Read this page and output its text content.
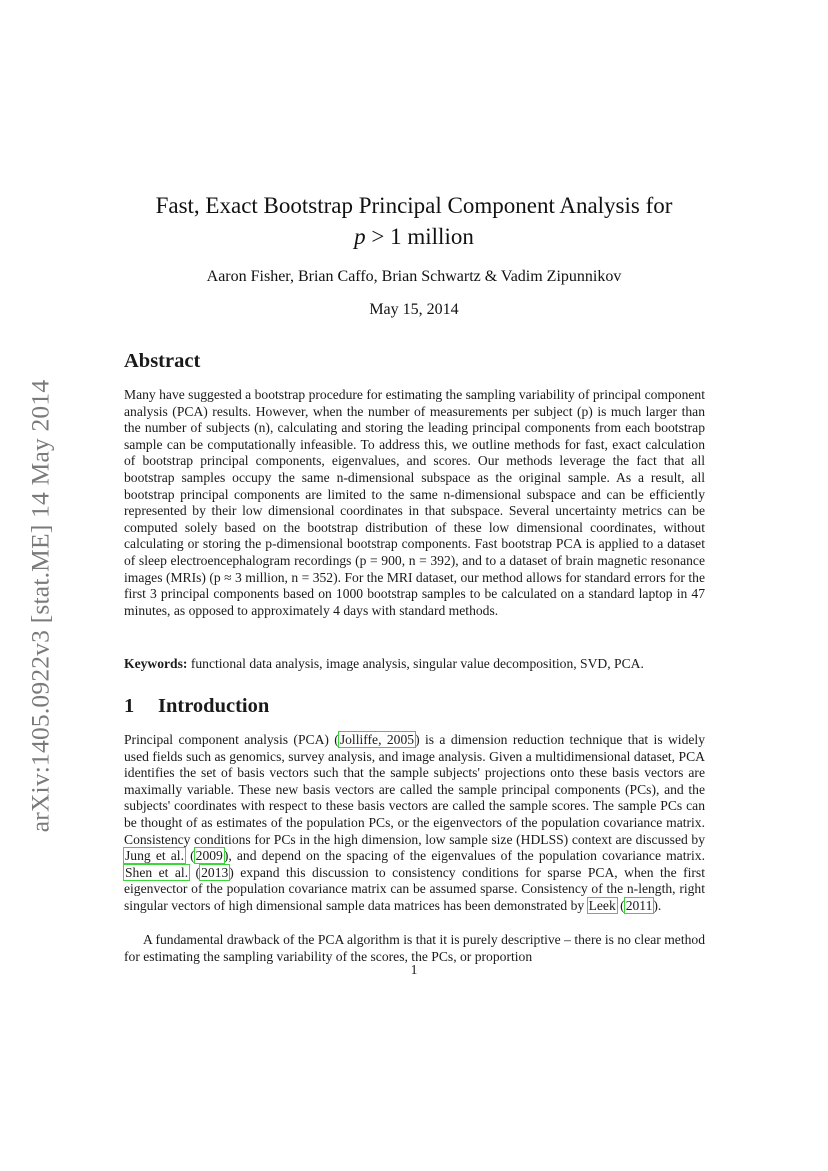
arXiv:1405.0922v3 [stat.ME] 14 May 2014
Fast, Exact Bootstrap Principal Component Analysis for
p > 1 million
Aaron Fisher, Brian Caffo, Brian Schwartz & Vadim Zipunnikov
May 15, 2014
Abstract

Many have suggested a bootstrap procedure for estimating the sampling variability of principal component analysis (PCA) results. However, when the number of measurements per subject (p) is much larger than the number of subjects (n), calculating and storing the leading principal components from each bootstrap sample can be computationally infeasible. To address this, we outline methods for fast, exact calculation of bootstrap principal components, eigenvalues, and scores. Our methods leverage the fact that all bootstrap samples occupy the same n-dimensional subspace as the original sample. As a result, all bootstrap principal components are limited to the same n-dimensional subspace and can be efficiently represented by their low dimensional coordinates in that subspace. Several uncertainty metrics can be computed solely based on the bootstrap distribution of these low dimensional coordinates, without calculating or storing the p-dimensional bootstrap components. Fast bootstrap PCA is applied to a dataset of sleep electroencephalogram recordings (p = 900, n = 392), and to a dataset of brain magnetic resonance images (MRIs) (p ≈ 3 million, n = 352). For the MRI dataset, our method allows for standard errors for the first 3 principal components based on 1000 bootstrap samples to be calculated on a standard laptop in 47 minutes, as opposed to approximately 4 days with standard methods.

Keywords: functional data analysis, image analysis, singular value decomposition, SVD, PCA.

1 Introduction

Principal component analysis (PCA) (Jolliffe, 2005) is a dimension reduction technique that is widely used fields such as genomics, survey analysis, and image analysis. Given a multidimensional dataset, PCA identifies the set of basis vectors such that the sample subjects' projections onto these basis vectors are maximally variable. These new basis vectors are called the sample principal components (PCs), and the subjects' coordinates with respect to these basis vectors are called the sample scores. The sample PCs can be thought of as estimates of the population PCs, or the eigenvectors of the population covariance matrix. Consistency conditions for PCs in the high dimension, low sample size (HDLSS) context are discussed by Jung et al. (2009), and depend on the spacing of the eigenvalues of the population covariance matrix. Shen et al. (2013) expand this discussion to consistency conditions for sparse PCA, when the first eigenvector of the population covariance matrix can be assumed sparse. Consistency of the n-length, right singular vectors of high dimensional sample data matrices has been demonstrated by Leek (2011).

A fundamental drawback of the PCA algorithm is that it is purely descriptive – there is no clear method for estimating the sampling variability of the scores, the PCs, or proportion

1
